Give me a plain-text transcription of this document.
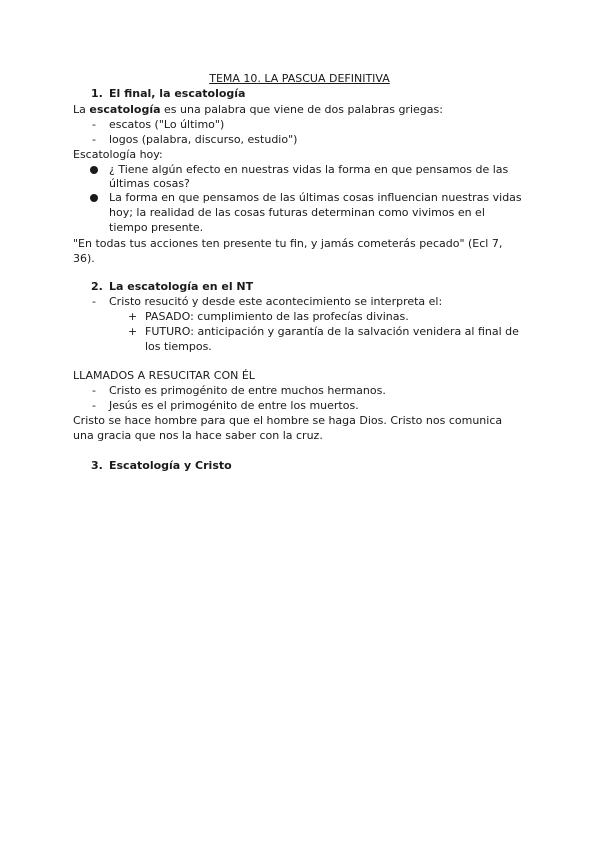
TEMA 10. LA PASCUA DEFINITIVA
1. El final, la escatología
La escatología es una palabra que viene de dos palabras griegas:
- escatos ("Lo último")
- logos (palabra, discurso, estudio")
Escatología hoy:
¿ Tiene algún efecto en nuestras vidas la forma en que pensamos de las
últimas cosas?
La forma en que pensamos de las últimas cosas influencian nuestras vidas
hoy; la realidad de las cosas futuras determinan como vivimos en el
tiempo presente.
"En todas tus acciones ten presente tu fin, y jamás cometerás pecado" (Ecl 7,
36).
2. La escatología en el NT
- Cristo resucitó y desde este acontecimiento se interpreta el:
+ PASADO: cumplimiento de las profecías divinas.
+ FUTURO: anticipación y garantía de la salvación venidera al final de
los tiempos.
LLAMADOS A RESUCITAR CON ÉL
- Cristo es primogénito de entre muchos hermanos.
- Jesús es el primogénito de entre los muertos.
Cristo se hace hombre para que el hombre se haga Dios. Cristo nos comunica
una gracia que nos la hace saber con la cruz.
3. Escatología y Cristo
